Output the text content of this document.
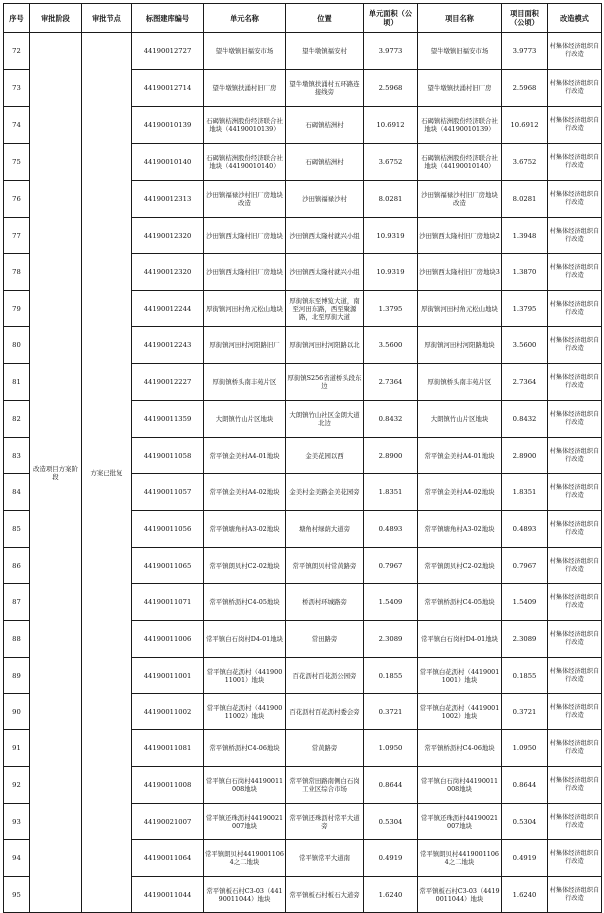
序号	审批阶段	审批节点	标图建库编号	单元名称	位置	单元面积（公顷）	项目名称	项目面积（公顷）	改造模式
72	改造项目方案阶段	方案已批复	44190012727	望牛墩镇旧福安市场	望牛墩镇福安村	3.9773	望牛墩镇旧福安市场	3.9773	村集体经济组织自行改造
73			44190012714	望牛墩镇扶涌村旧厂房	望牛墩镇扶涌村五环路连接线旁	2.5968	望牛墩镇扶涌村旧厂房	2.5968	村集体经济组织自行改造
74			44190010139	石碣镇桔洲股份经济联合社地块（44190010139）	石碣镇桔洲村	10.6912	石碣镇桔洲股份经济联合社地块（44190010139）	10.6912	村集体经济组织自行改造
75			44190010140	石碣镇桔洲股份经济联合社地块（44190010140）	石碣镇桔洲村	3.6752	石碣镇桔洲股份经济联合社地块（44190010140）	3.6752	村集体经济组织自行改造
76			44190012313	沙田镇福禄沙村旧厂房地块改造	沙田镇福禄沙村	8.0281	沙田镇福禄沙村旧厂房地块改造	8.0281	村集体经济组织自行改造
77			44190012320	沙田镇西太隆村旧厂房地块	沙田镇西太隆村就兴小组	10.9319	沙田镇西太隆村旧厂房地块2	1.3948	村集体经济组织自行改造
78			44190012320	沙田镇西太隆村旧厂房地块	沙田镇西太隆村就兴小组	10.9319	沙田镇西太隆村旧厂房地块3	1.3870	村集体经济组织自行改造
79			44190012244	厚街镇河田村角元松山地块	厚街镇东至博览大道，南至河田东路，西至聚源路，北至厚街大道	1.3795	厚街镇河田村角元松山地块	1.3795	村集体经济组织自行改造
80			44190012243	厚街镇河田村河阳路旧厂	厚街镇河田村河阳路以北	3.5600	厚街镇河田村河阳路地块	3.5600	村集体经济组织自行改造
81			44190012227	厚街镇桥头南丰苑片区	厚街镇S256省道桥头段东边	2.7364	厚街镇桥头南丰苑片区	2.7364	村集体经济组织自行改造
82			44190011359	大朗镇竹山片区地块	大朗镇竹山社区金朗大道北边	0.8432	大朗镇竹山片区地块	0.8432	村集体经济组织自行改造
83			44190011058	常平镇金美村A4-01地块	金美花园以西	2.8900	常平镇金美村A4-01地块	2.8900	村集体经济组织自行改造
84			44190011057	常平镇金美村A4-02地块	金美村金美路金美花园旁	1.8351	常平镇金美村A4-02地块	1.8351	村集体经济组织自行改造
85			44190011056	常平镇塘角村A3-02地块	塘角村绿荫大道旁	0.4893	常平镇塘角村A3-02地块	0.4893	村集体经济组织自行改造
86			44190011065	常平镇朗贝村C2-02地块	常平镇朗贝村常黄路旁	0.7967	常平镇朗贝村C2-02地块	0.7967	村集体经济组织自行改造
87			44190011071	常平镇桥沥村C4-05地块	桥沥村环城路旁	1.5409	常平镇桥沥村C4-05地块	1.5409	村集体经济组织自行改造
88			44190011006	常平镇白石岗村D4-01地块	常田路旁	2.3089	常平镇白石岗村D4-01地块	2.3089	村集体经济组织自行改造
89			44190011001	常平镇白花沥村（44190011001）地块	百花沥村百花沥公园旁	0.1855	常平镇白花沥村（44190011001）地块	0.1855	村集体经济组织自行改造
90			44190011002	常平镇白花沥村（44190011002）地块	百花沥村百花沥村委会旁	0.3721	常平镇白花沥村（44190011002）地块	0.3721	村集体经济组织自行改造
91			44190011081	常平镇桥沥村C4-06地块	常黄路旁	1.0950	常平镇桥沥村C4-06地块	1.0950	村集体经济组织自行改造
92			44190011008	常平镇白石岗村44190011008地块	常平镇常田路南侧白石岗工业区综合市场	0.8644	常平镇白石岗村44190011008地块	0.8644	村集体经济组织自行改造
93			44190021007	常平镇还珠沥村44190021007地块	常平镇还珠沥村常平大道旁	0.5304	常平镇还珠沥村44190021007地块	0.5304	村集体经济组织自行改造
94			44190011064	常平镇朗贝村44190011064之二地块	常平镇常平大道南	0.4919	常平镇朗贝村44190011064之二地块	0.4919	村集体经济组织自行改造
95			44190011044	常平镇板石村C3-03（44190011044）地块	常平镇板石村板石大道旁	1.6240	常平镇板石村C3-03（44190011044）地块	1.6240	村集体经济组织自行改造
